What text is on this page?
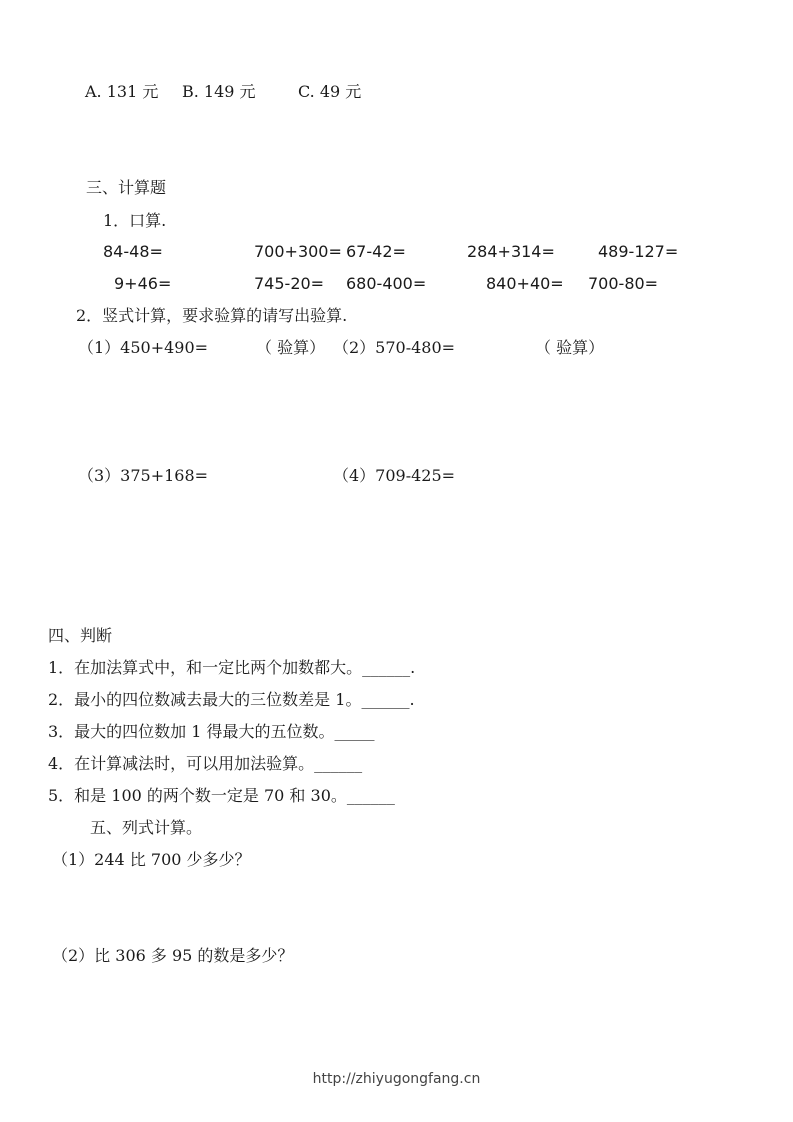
A. 131 元 B. 149 元	C. 49 元
三、计算题
1．口算.
84-48=	700+300= 67-42=	284+314=	489-127=
9+46=	745-20= 680-400=	840+40= 700-80=
2．竖式计算，要求验算的请写出验算.
（1）450+490=	（ 验算） （2）570-480=	（ 验算）
（3）375+168=	（4）709-425=
四、判断
1．在加法算式中，和一定比两个加数都大。______.
2．最小的四位数减去最大的三位数差是 1。______.
3．最大的四位数加 1 得最大的五位数。_____
4．在计算减法时，可以用加法验算。______
5．和是 100 的两个数一定是 70 和 30。______
五、列式计算。
（1）244 比 700 少多少？
（2）比 306 多 95 的数是多少？
http://zhiyugongfang.cn
